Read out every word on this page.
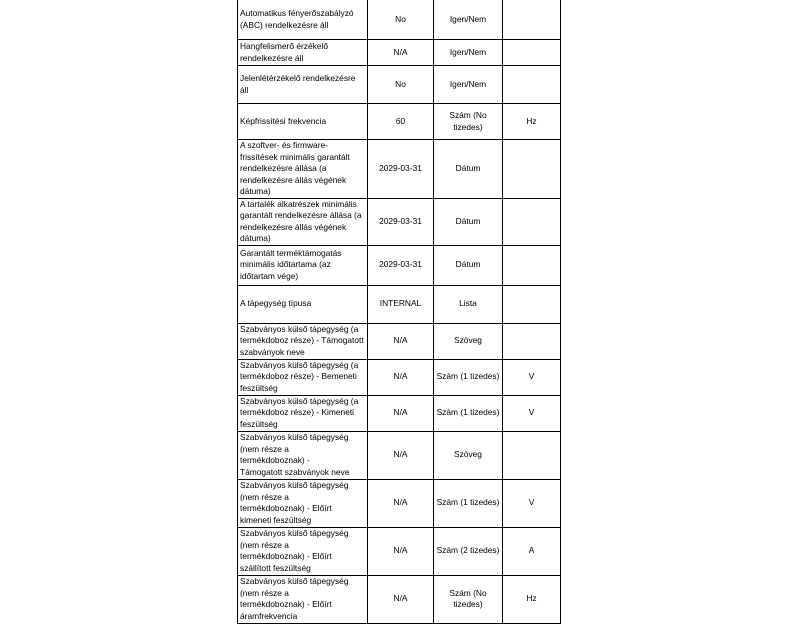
Automatikus fényerőszabályzó (ABC) rendelkezésre áll	No	Igen/Nem	

Hangfelismerő érzékelő rendelkezésre áll	N/A	Igen/Nem	

Jelenlétérzékelő rendelkezésre áll	No	Igen/Nem	

Képfrissítési frekvencia	60	Szám (No tizedes)	Hz

A szoftver- és firmware-frissítések minimális garantált rendelkezésre állása (a rendelkezésre állás végének dátuma)	2029-03-31	Dátum	

A tartalék alkatrészek minimális garantált rendelkezésre állása (a rendelkezésre állás végének dátuma)	2029-03-31	Dátum	

Garantált terméktámogatás minimális időtartama (az időtartam vége)	2029-03-31	Dátum	

A tápegység típusa	INTERNAL	Lista	

Szabványos külső tápegység (a termékdoboz része) - Támogatott szabványok neve	N/A	Szöveg	

Szabványos külső tápegység (a termékdoboz része) - Bemeneti feszültség	N/A	Szám (1 tizedes)	V

Szabványos külső tápegység (a termékdoboz része) - Kimeneti feszültség	N/A	Szám (1 tizedes)	V

Szabványos külső tápegység (nem része a termékdoboznak) - Támogatott szabványok neve	N/A	Szöveg	

Szabványos külső tápegység (nem része a termékdoboznak) - Előírt kimeneti feszültség	N/A	Szám (1 tizedes)	V

Szabványos külső tápegység (nem része a termékdoboznak) - Előírt szállított feszültség	N/A	Szám (2 tizedes)	A

Szabványos külső tápegység (nem része a termékdoboznak) - Előírt áramfrekvencia	N/A	Szám (No tizedes)	Hz
